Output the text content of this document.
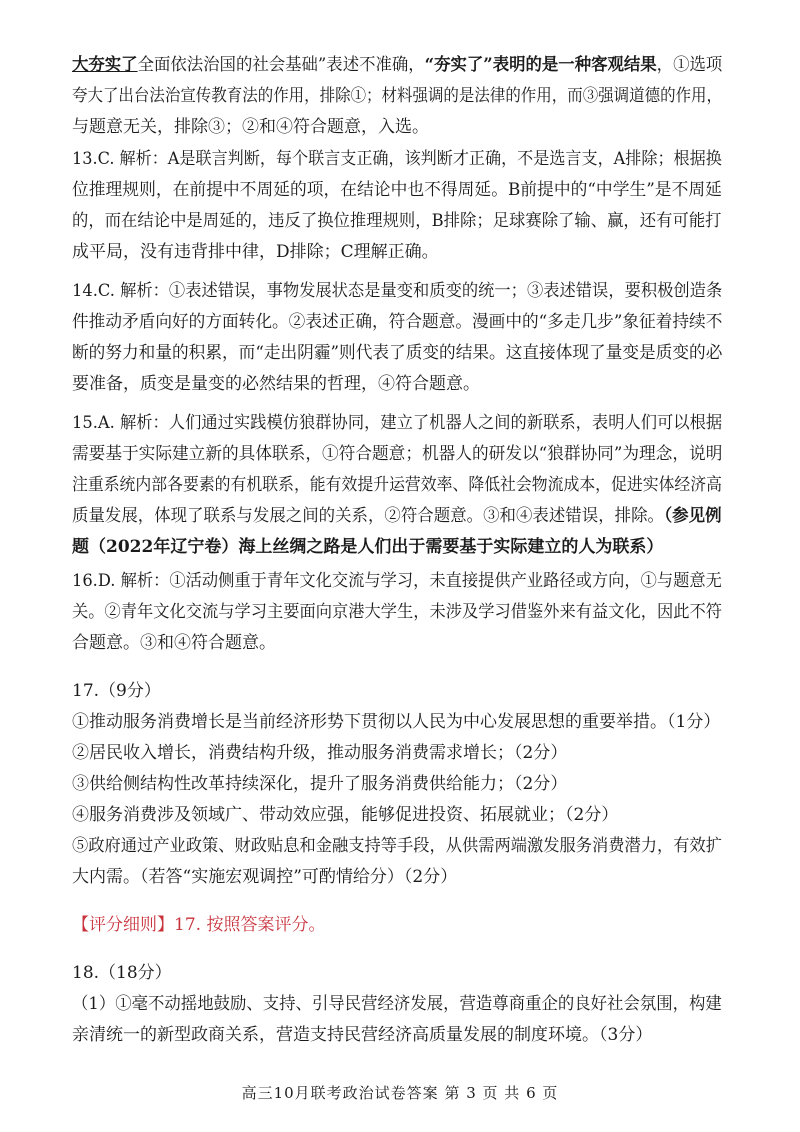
大夯实了全面依法治国的社会基础”表述不准确，“夯实了”表明的是一种客观结果，①选项
夸大了出台法治宣传教育法的作用，排除①；材料强调的是法律的作用，而③强调道德的作用，
与题意无关，排除③；②和④符合题意，入选。
13.C. 解析：A是联言判断，每个联言支正确，该判断才正确，不是选言支，A排除；根据换
位推理规则，在前提中不周延的项，在结论中也不得周延。B前提中的“中学生”是不周延
的，而在结论中是周延的，违反了换位推理规则，B排除；足球赛除了输、赢，还有可能打
成平局，没有违背排中律，D排除；C理解正确。
14.C. 解析：①表述错误，事物发展状态是量变和质变的统一；③表述错误，要积极创造条
件推动矛盾向好的方面转化。②表述正确，符合题意。漫画中的“多走几步”象征着持续不
断的努力和量的积累，而“走出阴霾”则代表了质变的结果。这直接体现了量变是质变的必
要准备，质变是量变的必然结果的哲理，④符合题意。
15.A. 解析：人们通过实践模仿狼群协同，建立了机器人之间的新联系，表明人们可以根据
需要基于实际建立新的具体联系，①符合题意；机器人的研发以“狼群协同”为理念，说明
注重系统内部各要素的有机联系，能有效提升运营效率、降低社会物流成本，促进实体经济高
质量发展，体现了联系与发展之间的关系，②符合题意。③和④表述错误，排除。（参见例
题（2022年辽宁卷）海上丝绸之路是人们出于需要基于实际建立的人为联系）
16.D. 解析：①活动侧重于青年文化交流与学习，未直接提供产业路径或方向，①与题意无
关。②青年文化交流与学习主要面向京港大学生，未涉及学习借鉴外来有益文化，因此不符
合题意。③和④符合题意。
17.（9分）
①推动服务消费增长是当前经济形势下贯彻以人民为中心发展思想的重要举措。（1分）
②居民收入增长，消费结构升级，推动服务消费需求增长；（2分）
③供给侧结构性改革持续深化，提升了服务消费供给能力；（2分）
④服务消费涉及领域广、带动效应强，能够促进投资、拓展就业；（2分）
⑤政府通过产业政策、财政贴息和金融支持等手段，从供需两端激发服务消费潜力，有效扩
大内需。（若答“实施宏观调控”可酌情给分）（2分）
【评分细则】17. 按照答案评分。
18.（18分）
（1）①毫不动摇地鼓励、支持、引导民营经济发展，营造尊商重企的良好社会氛围，构建
亲清统一的新型政商关系，营造支持民营经济高质量发展的制度环境。（3分）
高三10月联考政治试卷答案 第 3 页 共 6 页
